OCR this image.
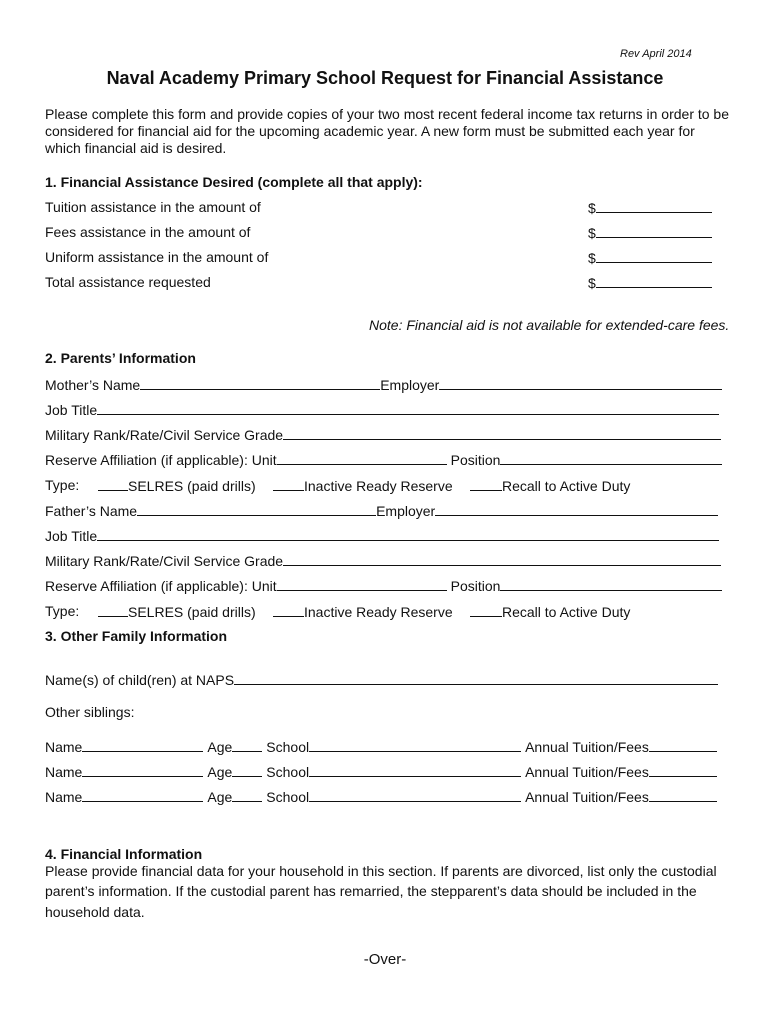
Rev April 2014
Naval Academy Primary School Request for Financial Assistance
Please complete this form and provide copies of your two most recent federal income tax returns in order to be
considered for financial aid for the upcoming academic year. A new form must be submitted each year for
which financial aid is desired.
1. Financial Assistance Desired (complete all that apply):
Tuition assistance in the amount of	$
Fees assistance in the amount of	$
Uniform assistance in the amount of	$
Total assistance requested	$
Note: Financial aid is not available for extended-care fees.
2. Parents’ Information
Mother’s Name	Employer
Job Title
Military Rank/Rate/Civil Service Grade
Reserve Affiliation (if applicable): Unit	Position
Type:	SELRES (paid drills)	Inactive Ready Reserve	Recall to Active Duty
Father’s Name	Employer
Job Title
Military Rank/Rate/Civil Service Grade
Reserve Affiliation (if applicable): Unit	Position
Type:	SELRES (paid drills)	Inactive Ready Reserve	Recall to Active Duty
3. Other Family Information
Name(s) of child(ren) at NAPS
Other siblings:
Name	Age School	Annual Tuition/Fees
Name	Age School	Annual Tuition/Fees
Name	Age School	Annual Tuition/Fees
4. Financial Information
Please provide financial data for your household in this section. If parents are divorced, list only the custodial
parent’s information. If the custodial parent has remarried, the stepparent’s data should be included in the
household data.
-Over-
